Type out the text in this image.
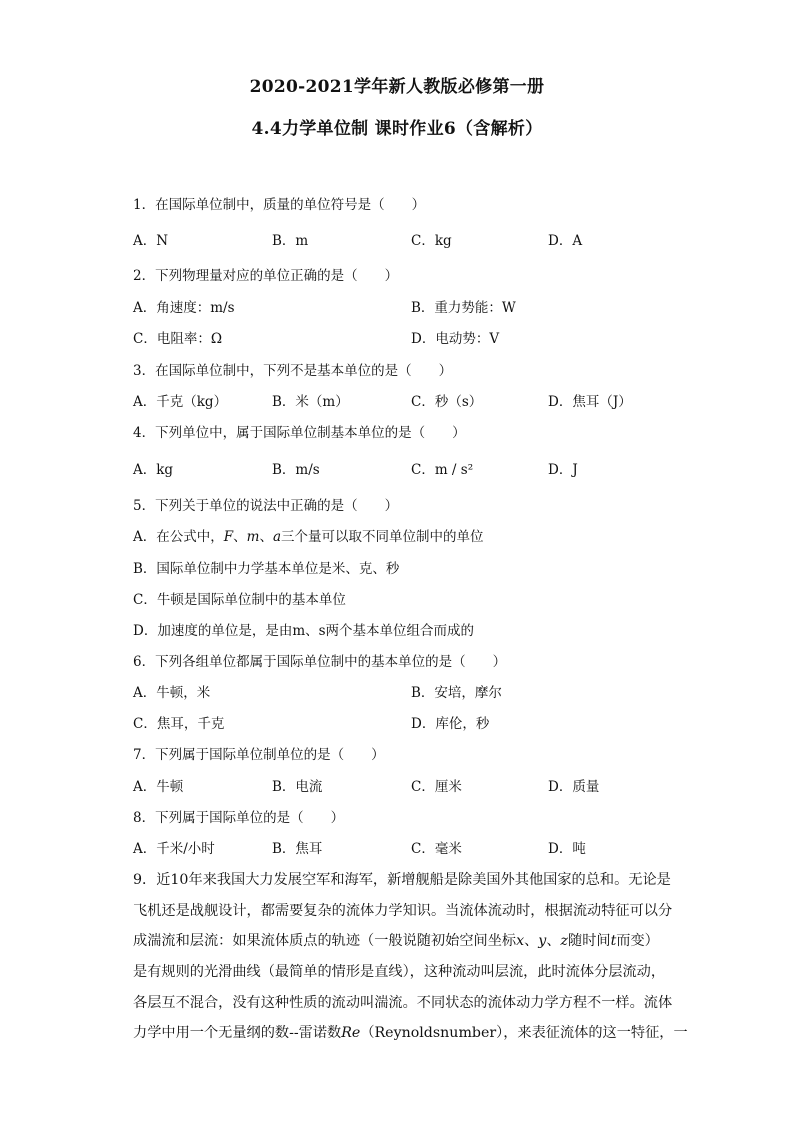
2020-2021学年新人教版必修第一册
4.4力学单位制 课时作业6（含解析）
1．在国际单位制中，质量的单位符号是（　　）
A．N	B．m	C．kg	D．A
2．下列物理量对应的单位正确的是（　　）
A．角速度：m/s	B．重力势能：W
C．电阻率：Ω	D．电动势：V
3．在国际单位制中，下列不是基本单位的是（　　）
A．千克（kg）	B．米（m）	C．秒（s）	D．焦耳（J）
4．下列单位中，属于国际单位制基本单位的是（　　）
A．kg	B．m/s	C．m / s²	D．J
5．下列关于单位的说法中正确的是（　　）
A．在公式中，F、m、a三个量可以取不同单位制中的单位
B．国际单位制中力学基本单位是米、克、秒
C．牛顿是国际单位制中的基本单位
D．加速度的单位是，是由m、s两个基本单位组合而成的
6．下列各组单位都属于国际单位制中的基本单位的是（　　）
A．牛顿，米	B．安培，摩尔
C．焦耳，千克	D．库伦，秒
7．下列属于国际单位制单位的是（　　）
A．牛顿	B．电流	C．厘米	D．质量
8．下列属于国际单位的是（　　）
A．千米/小时	B．焦耳	C．毫米	D．吨
9．近10年来我国大力发展空军和海军，新增舰船是除美国外其他国家的总和。无论是
飞机还是战舰设计，都需要复杂的流体力学知识。当流体流动时，根据流动特征可以分
成湍流和层流：如果流体质点的轨迹（一般说随初始空间坐标x、y、z随时间t而变）
是有规则的光滑曲线（最简单的情形是直线），这种流动叫层流，此时流体分层流动，
各层互不混合，没有这种性质的流动叫湍流。不同状态的流体动力学方程不一样。流体
力学中用一个无量纲的数--雷诺数Re（Reynoldsnumber），来表征流体的这一特征，一
